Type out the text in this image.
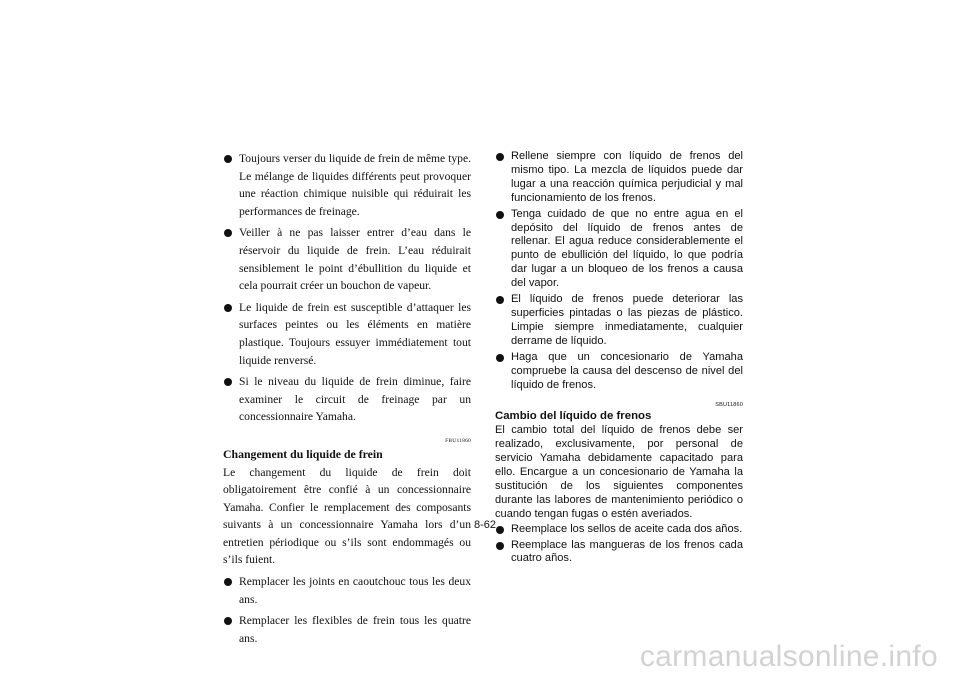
Toujours verser du liquide de frein de même type. Le mélange de liquides différents peut provoquer une réaction chimique nuisible qui réduirait les performances de freinage.
Veiller à ne pas laisser entrer d’eau dans le réservoir du liquide de frein. L’eau réduirait sensiblement le point d’ébullition du liquide et cela pourrait créer un bouchon de vapeur.
Le liquide de frein est susceptible d’attaquer les surfaces peintes ou les éléments en matière plastique. Toujours essuyer immédiatement tout liquide renversé.
Si le niveau du liquide de frein diminue, faire examiner le circuit de freinage par un concessionnaire Yamaha.
FBU11860
Changement du liquide de frein

Le changement du liquide de frein doit obligatoirement être confié à un concessionnaire Yamaha. Confier le remplacement des composants suivants à un concessionnaire Yamaha lors d’un entretien périodique ou s’ils sont endommagés ou s’ils fuient.

Remplacer les joints en caoutchouc tous les deux ans.
Remplacer les flexibles de frein tous les quatre ans.
Rellene siempre con líquido de frenos del mismo tipo. La mezcla de líquidos puede dar lugar a una reacción química perjudicial y mal funcionamiento de los frenos.
Tenga cuidado de que no entre agua en el depósito del líquido de frenos antes de rellenar. El agua reduce considerablemente el punto de ebullición del líquido, lo que podría dar lugar a un bloqueo de los frenos a causa del vapor.
El líquido de frenos puede deteriorar las superficies pintadas o las piezas de plástico. Limpie siempre inmediatamente, cualquier derrame de líquido.
Haga que un concesionario de Yamaha compruebe la causa del descenso de nivel del líquido de frenos.
SBU11860
Cambio del líquido de frenos

El cambio total del líquido de frenos debe ser realizado, exclusivamente, por personal de servicio Yamaha debidamente capacitado para ello. Encargue a un concesionario de Yamaha la sustitución de los siguientes componentes durante las labores de mantenimiento periódico o cuando tengan fugas o estén averiados.

Reemplace los sellos de aceite cada dos años.
Reemplace las mangueras de los frenos cada cuatro años.
8-62
carmanualsonline.info
